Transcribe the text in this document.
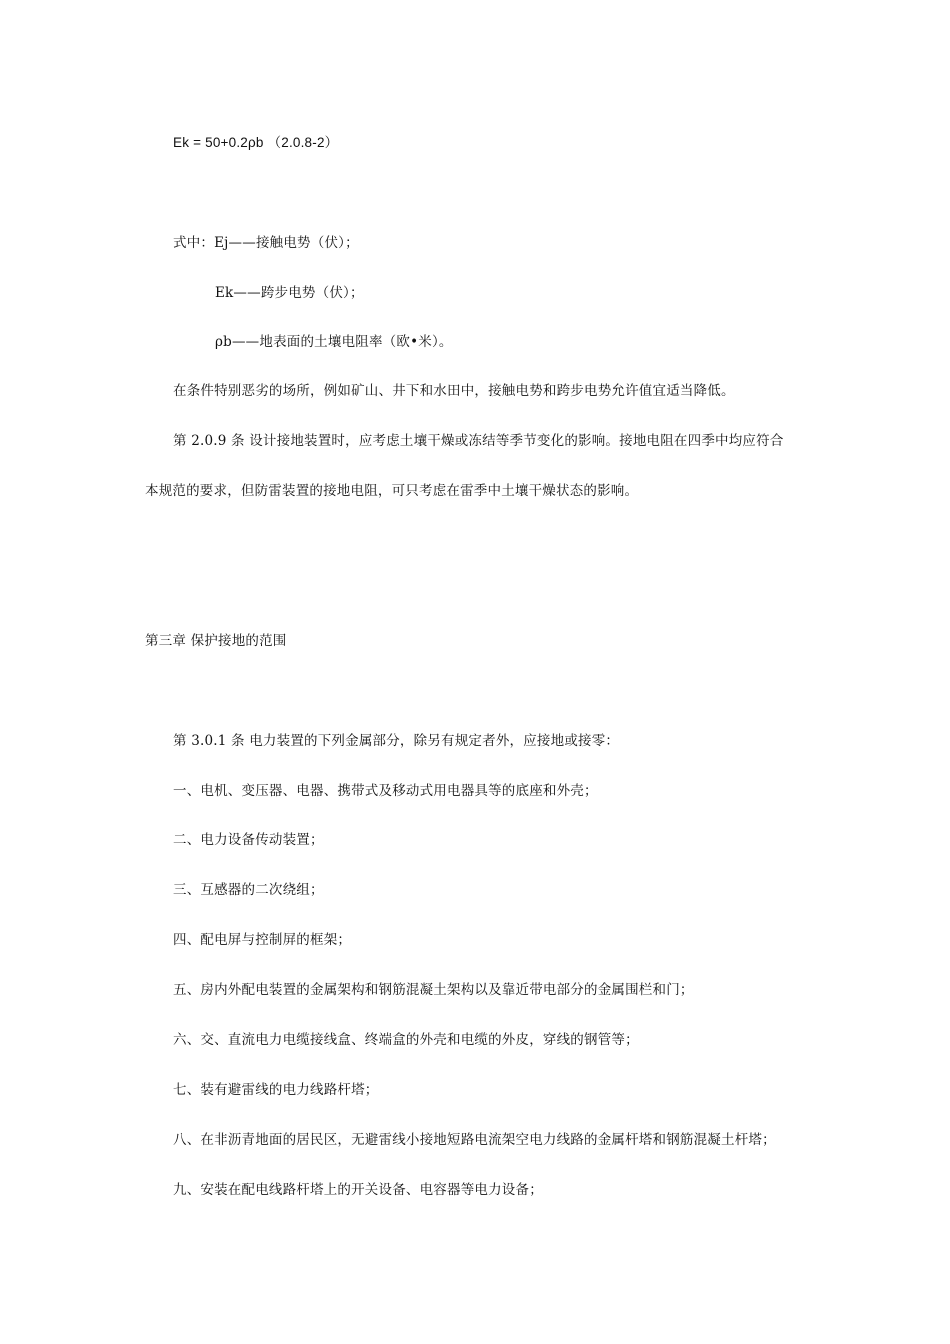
Ek = 50+0.2ρb （2.0.8-2）
式中：Ej——接触电势（伏）；
Ek——跨步电势（伏）；
ρb——地表面的土壤电阻率（欧•米）。
在条件特别恶劣的场所，例如矿山、井下和水田中，接触电势和跨步电势允许值宜适当降低。
第 2.0.9 条 设计接地装置时，应考虑土壤干燥或冻结等季节变化的影响。接地电阻在四季中均应符合
本规范的要求，但防雷装置的接地电阻，可只考虑在雷季中土壤干燥状态的影响。
第三章 保护接地的范围
第 3.0.1 条 电力装置的下列金属部分，除另有规定者外，应接地或接零：
一、电机、变压器、电器、携带式及移动式用电器具等的底座和外壳；
二、电力设备传动装置；
三、互感器的二次绕组；
四、配电屏与控制屏的框架；
五、房内外配电装置的金属架构和钢筋混凝土架构以及靠近带电部分的金属围栏和门；
六、交、直流电力电缆接线盒、终端盒的外壳和电缆的外皮，穿线的钢管等；
七、装有避雷线的电力线路杆塔；
八、在非沥青地面的居民区，无避雷线小接地短路电流架空电力线路的金属杆塔和钢筋混凝土杆塔；
九、安装在配电线路杆塔上的开关设备、电容器等电力设备；
